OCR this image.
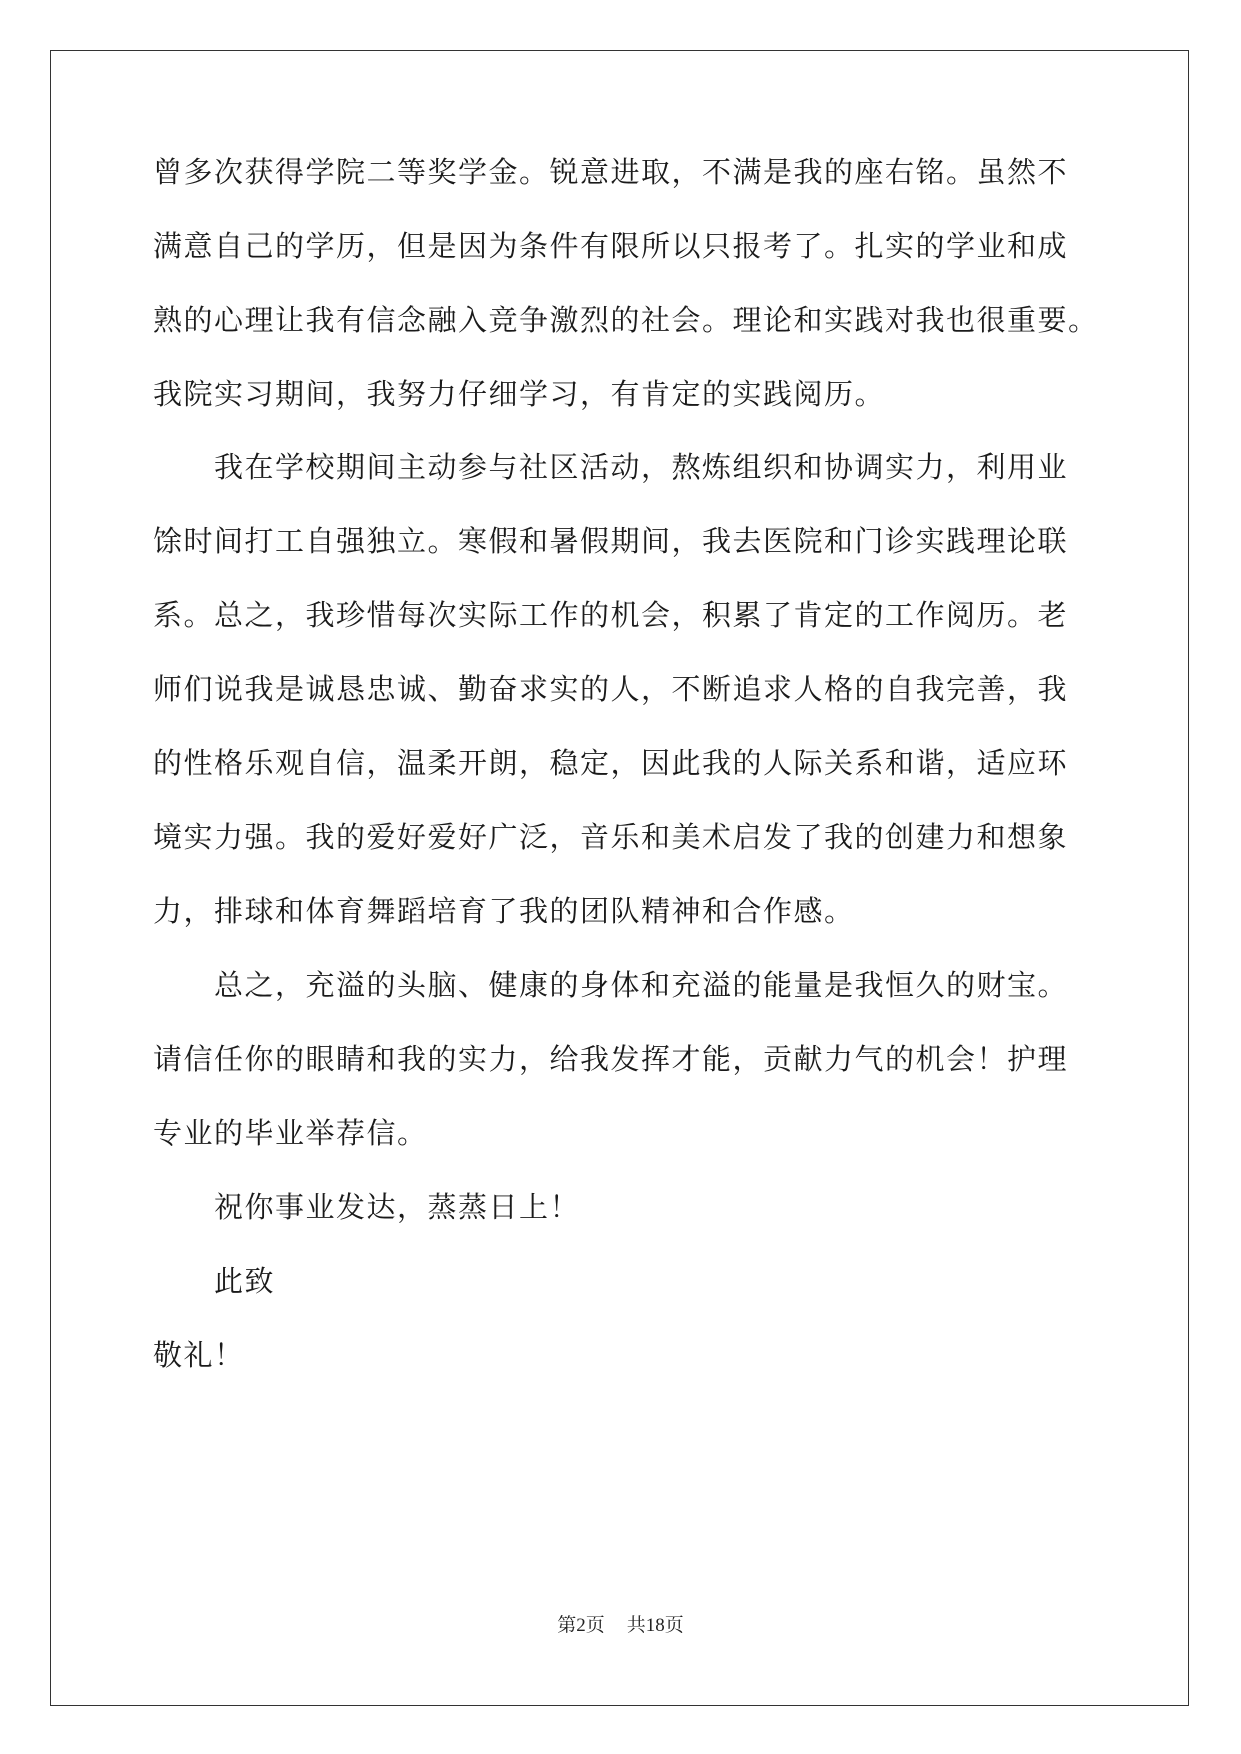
曾多次获得学院二等奖学金。锐意进取，不满是我的座右铭。虽然不
满意自己的学历，但是因为条件有限所以只报考了。扎实的学业和成
熟的心理让我有信念融入竞争激烈的社会。理论和实践对我也很重要。
我院实习期间，我努力仔细学习，有肯定的实践阅历。
我在学校期间主动参与社区活动，熬炼组织和协调实力，利用业
馀时间打工自强独立。寒假和暑假期间，我去医院和门诊实践理论联
系。总之，我珍惜每次实际工作的机会，积累了肯定的工作阅历。老
师们说我是诚恳忠诚、勤奋求实的人，不断追求人格的自我完善，我
的性格乐观自信，温柔开朗，稳定，因此我的人际关系和谐，适应环
境实力强。我的爱好爱好广泛，音乐和美术启发了我的创建力和想象
力，排球和体育舞蹈培育了我的团队精神和合作感。
总之，充溢的头脑、健康的身体和充溢的能量是我恒久的财宝。
请信任你的眼睛和我的实力，给我发挥才能，贡献力气的机会！护理
专业的毕业举荐信。
祝你事业发达，蒸蒸日上！
此致
敬礼！
第2页 共18页
